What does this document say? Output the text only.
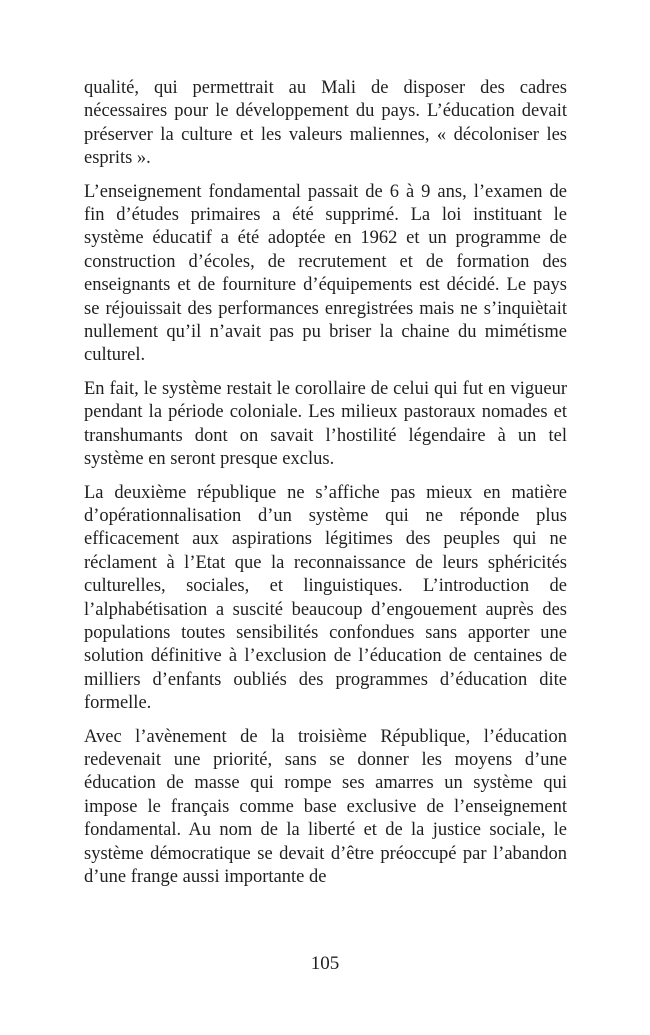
qualité, qui permettrait au Mali de disposer des cadres nécessaires pour le développement du pays. L’éducation devait préserver la culture et les valeurs maliennes, « décoloniser les esprits ».

L’enseignement fondamental passait de 6 à 9 ans, l’examen de fin d’études primaires a été supprimé. La loi instituant le système éducatif a été adoptée en 1962 et un programme de construction d’écoles, de recrutement et de formation des enseignants et de fourniture d’équipements est décidé. Le pays se réjouissait des performances enregistrées mais ne s’inquiètait nullement qu’il n’avait pas pu briser la chaine du mimétisme culturel.

En fait, le système restait le corollaire de celui qui fut en vigueur pendant la période coloniale. Les milieux pastoraux nomades et transhumants dont on savait l’hostilité légendaire à un tel système en seront presque exclus.

La deuxième république ne s’affiche pas mieux en matière d’opérationnalisation d’un système qui ne réponde plus efficacement aux aspirations légitimes des peuples qui ne réclament à l’Etat que la reconnaissance de leurs sphéricités culturelles, sociales, et linguistiques. L’introduction de l’alphabétisation a suscité beaucoup d’engouement auprès des populations toutes sensibilités confondues sans apporter une solution définitive à l’exclusion de l’éducation de centaines de milliers d’enfants oubliés des programmes d’éducation dite formelle.

Avec l’avènement de la troisième République, l’éducation redevenait une priorité, sans se donner les moyens d’une éducation de masse qui rompe ses amarres un système qui impose le français comme base exclusive de l’enseignement fondamental. Au nom de la liberté et de la justice sociale, le système démocratique se devait d’être préoccupé par l’abandon d’une frange aussi importante de

105
